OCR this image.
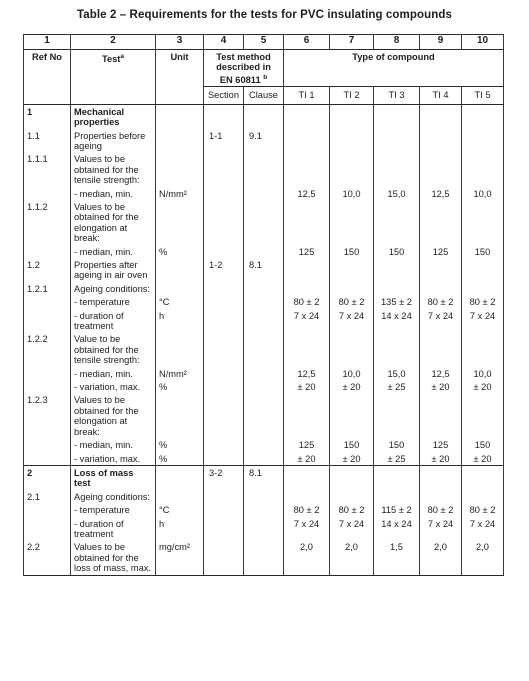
Table 2 – Requirements for the tests for PVC insulating compounds
1	2	3	4	5	6	7	8	9	10
Ref No	Test$^a$	Unit	Test method
described in
EN 60811 $^b$		Type of compound				
			Section	Clause	TI 1	TI 2	TI 3	TI 4	TI 5
1	Mechanical properties								
1.1	Properties before ageing		1-1	9.1					
1.1.1	Values to be obtained for the tensile strength:								
	- median, min.	N/mm²			12,5	10,0	15,0	12,5	10,0
1.1.2	Values to be obtained for the elongation at break:								
	- median, min.	%			125	150	150	125	150
1.2	Properties after ageing in air oven		1-2	8.1					
1.2.1	Ageing conditions:								
	- temperature	°C			80 ± 2	80 ± 2	135 ± 2	80 ± 2	80 ± 2
	- duration of treatment	h			7 x 24	7 x 24	14 x 24	7 x 24	7 x 24
1.2.2	Value to be obtained for the tensile strength:								
	- median, min.	N/mm²			12,5	10,0	15,0	12,5	10,0
	- variation, max.	%			± 20	± 20	± 25	± 20	± 20
1.2.3	Values to be obtained for the elongation at break:								
	- median, min.	%			125	150	150	125	150
	- variation, max.	%			± 20	± 20	± 25	± 20	± 20
2	Loss of mass test		3-2	8.1					
2.1	Ageing conditions:								
	- temperature	°C			80 ± 2	80 ± 2	115 ± 2	80 ± 2	80 ± 2
	- duration of treatment	h			7 x 24	7 x 24	14 x 24	7 x 24	7 x 24
2.2	Values to be obtained for the loss of mass, max.	mg/cm²			2,0	2,0	1,5	2,0	2,0
